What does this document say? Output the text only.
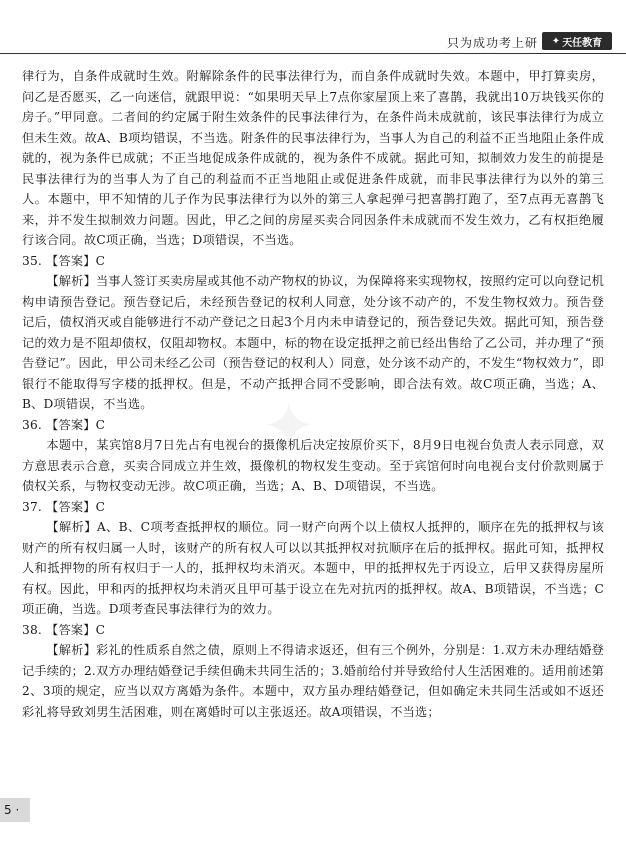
只为成功考上研 ✦ 天任教育

律行为，自条件成就时生效。附解除条件的民事法律行为，而自条件成就时失效。本题中，甲打算卖房，问乙是否愿买，乙一向迷信，就跟甲说：“如果明天早上7点你家屋顶上来了喜鹊，我就出10万块钱买你的房子。”甲同意。二者间的约定属于附生效条件的民事法律行为，在条件尚未成就前，该民事法律行为成立但未生效。故A、B项均错误，不当选。附条件的民事法律行为，当事人为自己的利益不正当地阻止条件成就的，视为条件已成就；不正当地促成条件成就的，视为条件不成就。据此可知，拟制效力发生的前提是民事法律行为的当事人为了自己的利益而不正当地阻止或促进条件成就，而非民事法律行为以外的第三人。本题中，甲不知情的儿子作为民事法律行为以外的第三人拿起弹弓把喜鹊打跑了，至7点再无喜鹊飞来，并不发生拟制效力问题。因此，甲乙之间的房屋买卖合同因条件未成就而不发生效力，乙有权拒绝履行该合同。故C项正确，当选；D项错误，不当选。

35. 【答案】C

【解析】当事人签订买卖房屋或其他不动产物权的协议，为保障将来实现物权，按照约定可以向登记机构申请预告登记。预告登记后，未经预告登记的权利人同意，处分该不动产的，不发生物权效力。预告登记后，债权消灭或自能够进行不动产登记之日起3个月内未申请登记的，预告登记失效。据此可知，预告登记的效力是不阻却债权，仅阻却物权。本题中，标的物在设定抵押之前已经出售给了乙公司，并办理了“预告登记”。因此，甲公司未经乙公司（预告登记的权利人）同意，处分该不动产的，不发生“物权效力”，即银行不能取得写字楼的抵押权。但是，不动产抵押合同不受影响，即合法有效。故C项正确，当选；A、B、D项错误，不当选。

36. 【答案】C

本题中，某宾馆8月7日先占有电视台的摄像机后决定按原价买下，8月9日电视台负责人表示同意，双方意思表示合意，买卖合同成立并生效，摄像机的物权发生变动。至于宾馆何时向电视台支付价款则属于债权关系，与物权变动无涉。故C项正确，当选；A、B、D项错误，不当选。

37. 【答案】C

【解析】A、B、C项考查抵押权的顺位。同一财产向两个以上债权人抵押的，顺序在先的抵押权与该财产的所有权归属一人时，该财产的所有权人可以以其抵押权对抗顺序在后的抵押权。据此可知，抵押权人和抵押物的所有权归于一人的，抵押权均未消灭。本题中，甲的抵押权先于丙设立，后甲又获得房屋所有权。因此，甲和丙的抵押权均未消灭且甲可基于设立在先对抗丙的抵押权。故A、B项错误，不当选；C项正确，当选。D项考查民事法律行为的效力。

38. 【答案】C

【解析】彩礼的性质系自然之债，原则上不得请求返还，但有三个例外，分别是：1.双方未办理结婚登记手续的；2.双方办理结婚登记手续但确未共同生活的；3.婚前给付并导致给付人生活困难的。适用前述第2、3项的规定，应当以双方离婚为条件。本题中，双方虽办理结婚登记，但如确定未共同生活或如不返还彩礼将导致刘男生活困难，则在离婚时可以主张返还。故A项错误，不当选；

5 ·
